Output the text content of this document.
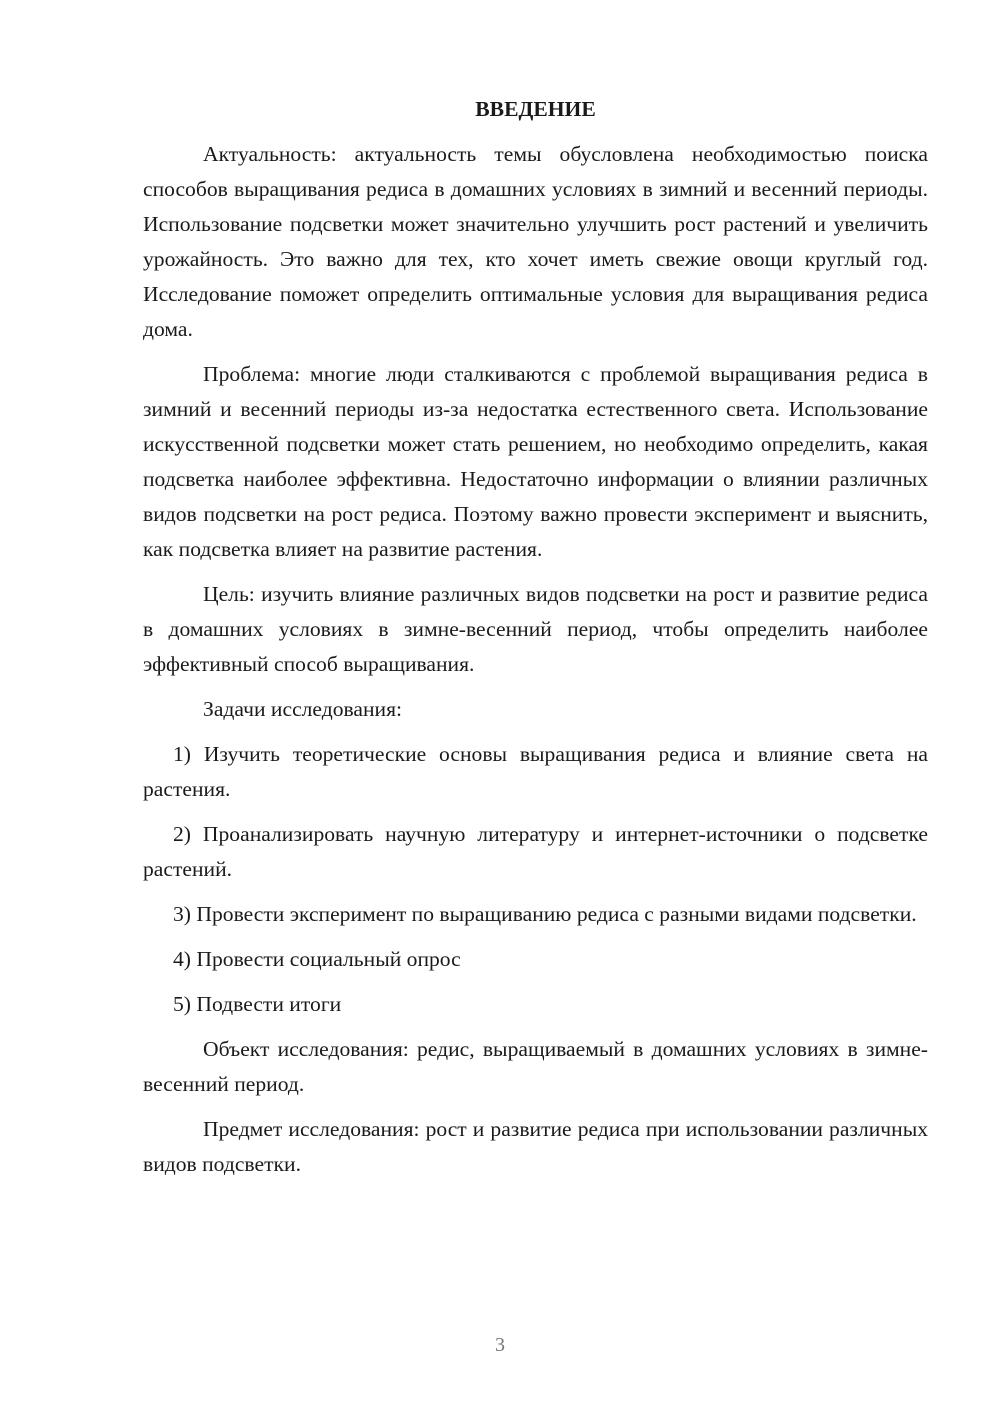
ВВЕДЕНИЕ

Актуальность: актуальность темы обусловлена необходимостью поиска способов выращивания редиса в домашних условиях в зимний и весенний периоды. Использование подсветки может значительно улучшить рост растений и увеличить урожайность. Это важно для тех, кто хочет иметь свежие овощи круглый год. Исследование поможет определить оптимальные условия для выращивания редиса дома.

Проблема: многие люди сталкиваются с проблемой выращивания редиса в зимний и весенний периоды из-за недостатка естественного света. Использование искусственной подсветки может стать решением, но необходимо определить, какая подсветка наиболее эффективна. Недостаточно информации о влиянии различных видов подсветки на рост редиса. Поэтому важно провести эксперимент и выяснить, как подсветка влияет на развитие растения.

Цель: изучить влияние различных видов подсветки на рост и развитие редиса в домашних условиях в зимне-весенний период, чтобы определить наиболее эффективный способ выращивания.

Задачи исследования:

1) Изучить теоретические основы выращивания редиса и влияние света на растения.

2) Проанализировать научную литературу и интернет-источники о подсветке растений.

3) Провести эксперимент по выращиванию редиса с разными видами подсветки.

4) Провести социальный опрос

5) Подвести итоги

Объект исследования: редис, выращиваемый в домашних условиях в зимне-весенний период.

Предмет исследования: рост и развитие редиса при использовании различных видов подсветки.

3
